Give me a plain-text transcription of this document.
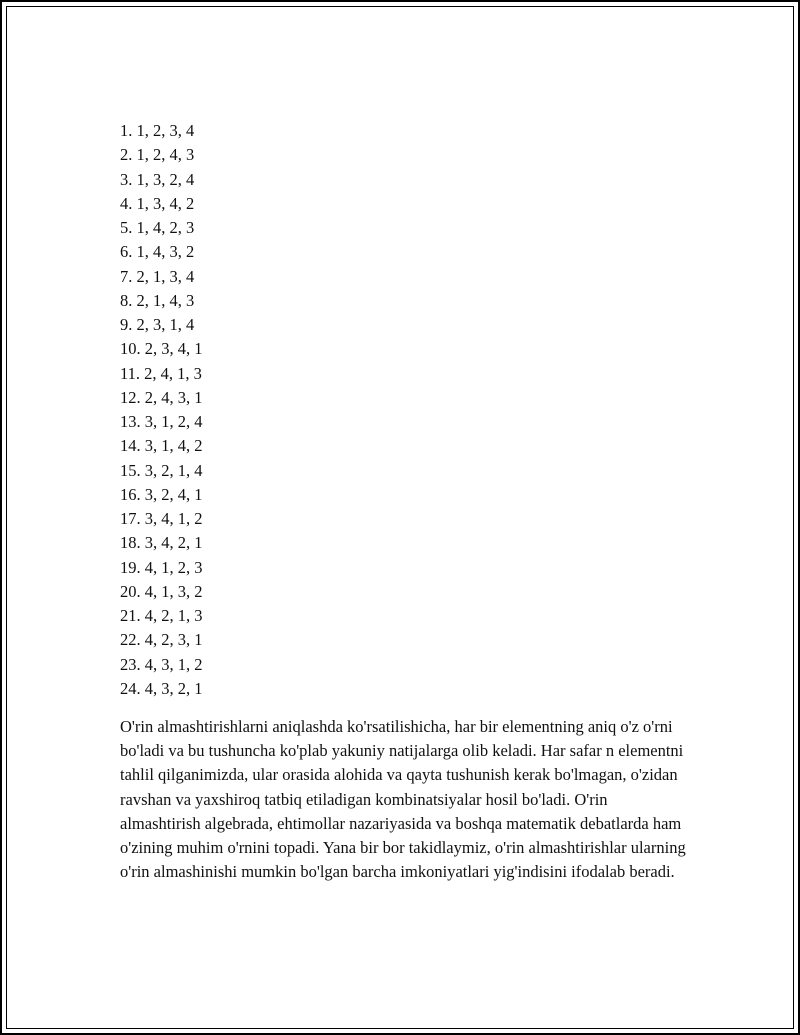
1. 1, 2, 3, 4
2. 1, 2, 4, 3
3. 1, 3, 2, 4
4. 1, 3, 4, 2
5. 1, 4, 2, 3
6. 1, 4, 3, 2
7. 2, 1, 3, 4
8. 2, 1, 4, 3
9. 2, 3, 1, 4
10. 2, 3, 4, 1
11. 2, 4, 1, 3
12. 2, 4, 3, 1
13. 3, 1, 2, 4
14. 3, 1, 4, 2
15. 3, 2, 1, 4
16. 3, 2, 4, 1
17. 3, 4, 1, 2
18. 3, 4, 2, 1
19. 4, 1, 2, 3
20. 4, 1, 3, 2
21. 4, 2, 1, 3
22. 4, 2, 3, 1
23. 4, 3, 1, 2
24. 4, 3, 2, 1

O'rin almashtirishlarni aniqlashda ko'rsatilishicha, har bir elementning aniq o'z o'rni bo'ladi va bu tushuncha ko'plab yakuniy natijalarga olib keladi. Har safar n elementni tahlil qilganimizda, ular orasida alohida va qayta tushunish kerak bo'lmagan, o'zidan ravshan va yaxshiroq tatbiq etiladigan kombinatsiyalar hosil bo'ladi. O'rin almashtirish algebrada, ehtimollar nazariyasida va boshqa matematik debatlarda ham o'zining muhim o'rnini topadi. Yana bir bor takidlaymiz, o'rin almashtirishlar ularning o'rin almashinishi mumkin bo'lgan barcha imkoniyatlari yig'indisini ifodalab beradi.
